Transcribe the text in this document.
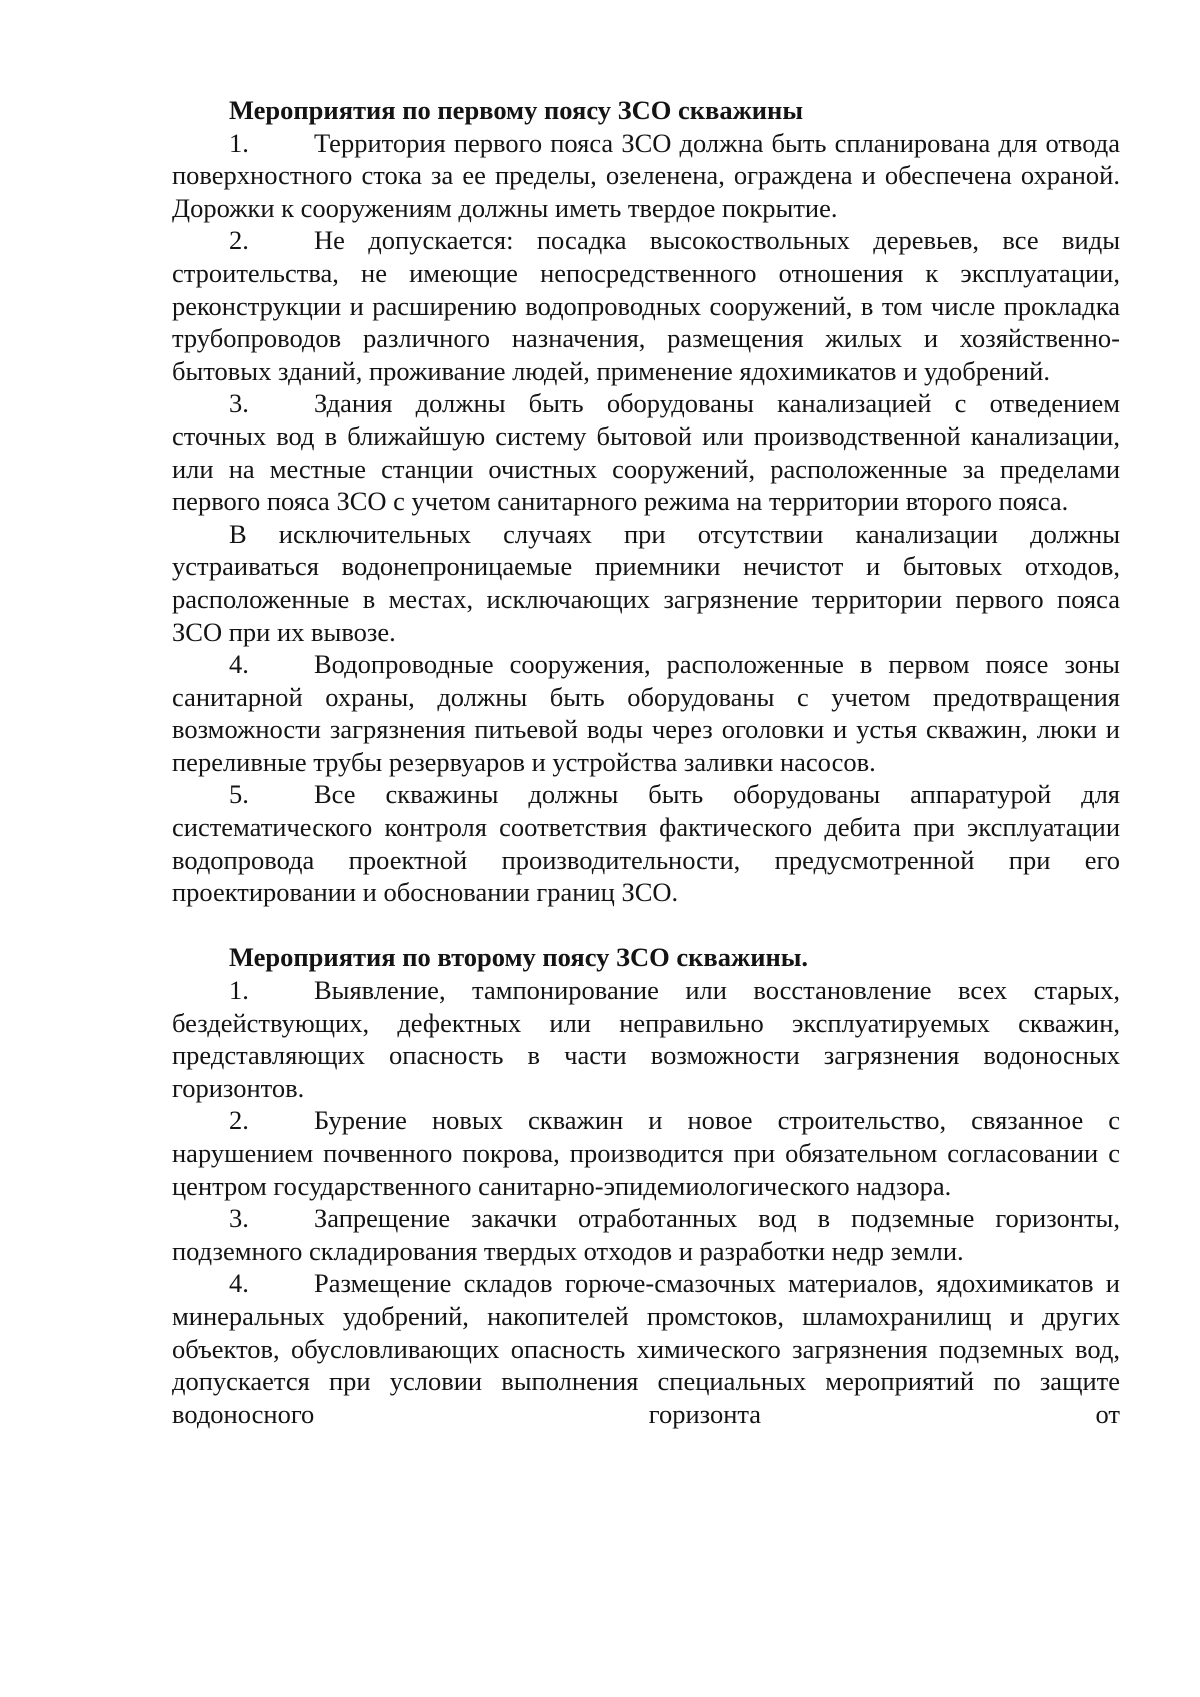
Мероприятия по первому поясу ЗСО скважины

1. Территория первого пояса ЗСО должна быть спланирована для отвода поверхностного стока за ее пределы, озеленена, ограждена и обеспечена охраной. Дорожки к сооружениям должны иметь твердое покрытие.

2. Не допускается: посадка высокоствольных деревьев, все виды строительства, не имеющие непосредственного отношения к эксплуатации, реконструкции и расширению водопроводных сооружений, в том числе прокладка трубопроводов различного назначения, размещения жилых и хозяйственно-бытовых зданий, проживание людей, применение ядохимикатов и удобрений.

3. Здания должны быть оборудованы канализацией с отведением сточных вод в ближайшую систему бытовой или производственной канализации, или на местные станции очистных сооружений, расположенные за пределами первого пояса ЗСО с учетом санитарного режима на территории второго пояса.

В исключительных случаях при отсутствии канализации должны устраиваться водонепроницаемые приемники нечистот и бытовых отходов, расположенные в местах, исключающих загрязнение территории первого пояса ЗСО при их вывозе.

4. Водопроводные сооружения, расположенные в первом поясе зоны санитарной охраны, должны быть оборудованы с учетом предотвращения возможности загрязнения питьевой воды через оголовки и устья скважин, люки и переливные трубы резервуаров и устройства заливки насосов.

5. Все скважины должны быть оборудованы аппаратурой для систематического контроля соответствия фактического дебита при эксплуатации водопровода проектной производительности, предусмотренной при его проектировании и обосновании границ ЗСО.

Мероприятия по второму поясу ЗСО скважины.

1. Выявление, тампонирование или восстановление всех старых, бездействующих, дефектных или неправильно эксплуатируемых скважин, представляющих опасность в части возможности загрязнения водоносных горизонтов.

2. Бурение новых скважин и новое строительство, связанное с нарушением почвенного покрова, производится при обязательном согласовании с центром государственного санитарно-эпидемиологического надзора.

3. Запрещение закачки отработанных вод в подземные горизонты, подземного складирования твердых отходов и разработки недр земли.

4. Размещение складов горюче-смазочных материалов, ядохимикатов и минеральных удобрений, накопителей промстоков, шламохранилищ и других объектов, обусловливающих опасность химического загрязнения подземных вод, допускается при условии выполнения специальных мероприятий по защите водоносного горизонта от
